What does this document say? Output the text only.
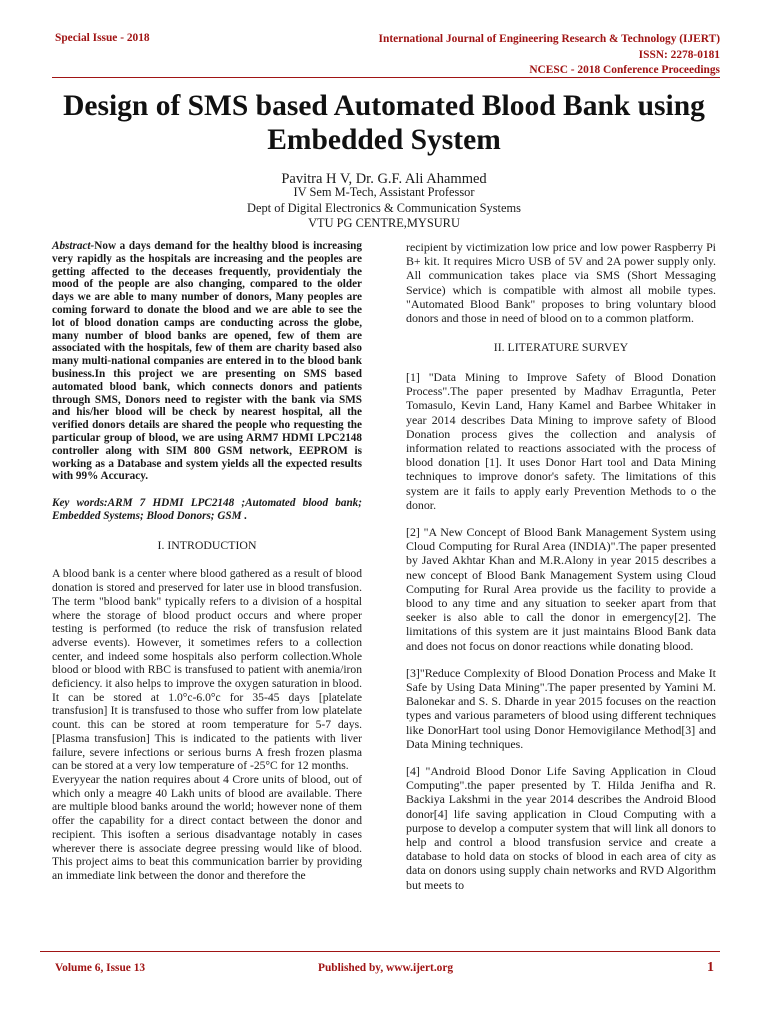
Special Issue - 2018	International Journal of Engineering Research & Technology (IJERT)
ISSN: 2278-0181
NCESC - 2018 Conference Proceedings
Design of SMS based Automated Blood Bank using Embedded System
Pavitra H V, Dr. G.F. Ali Ahammed
IV Sem M-Tech, Assistant Professor
Dept of Digital Electronics & Communication Systems
VTU PG CENTRE,MYSURU

Abstract-Now a days demand for the healthy blood is increasing very rapidly as the hospitals are increasing and the peoples are getting affected to the deceases frequently, providentialy the mood of the people are also changing, compared to the older days we are able to many number of donors, Many peoples are coming forward to donate the blood and we are able to see the lot of blood donation camps are conducting across the globe, many number of blood banks are opened, few of them are associated with the hospitals, few of them are charity based also many multi-national companies are entered in to the blood bank business.In this project we are presenting on SMS based automated blood bank, which connects donors and patients through SMS, Donors need to register with the bank via SMS and his/her blood will be check by nearest hospital, all the verified donors details are shared the people who requesting the particular group of blood, we are using ARM7 HDMI LPC2148 controller along with SIM 800 GSM network, EEPROM is working as a Database and system yields all the expected results with 99% Accuracy.

Key words:ARM 7 HDMI LPC2148 ;Automated blood bank; Embedded Systems; Blood Donors; GSM .

I. INTRODUCTION

A blood bank is a center where blood gathered as a result of blood donation is stored and preserved for later use in blood transfusion. The term "blood bank" typically refers to a division of a hospital where the storage of blood product occurs and where proper testing is performed (to reduce the risk of transfusion related adverse events). However, it sometimes refers to a collection center, and indeed some hospitals also perform collection.Whole blood or blood with RBC is transfused to patient with anemia/iron deficiency. it also helps to improve the oxygen saturation in blood. It can be stored at 1.0°c-6.0°c for 35-45 days [platelate transfusion] It is transfused to those who suffer from low platelate count. this can be stored at room temperature for 5-7 days. [Plasma transfusion] This is indicated to the patients with liver failure, severe infections or serious burns A fresh frozen plasma can be stored at a very low temperature of -25°C for 12 months.

Everyyear the nation requires about 4 Crore units of blood, out of which only a meagre 40 Lakh units of blood are available. There are multiple blood banks around the world; however none of them offer the capability for a direct contact between the donor and recipient. This isoften a serious disadvantage notably in cases wherever there is associate degree pressing would like of blood. This project aims to beat this communication barrier by providing an immediate link between the donor and therefore the

recipient by victimization low price and low power Raspberry Pi B+ kit. It requires Micro USB of 5V and 2A power supply only. All communication takes place via SMS (Short Messaging Service) which is compatible with almost all mobile types. "Automated Blood Bank" proposes to bring voluntary blood donors and those in need of blood on to a common platform.

II. LITERATURE SURVEY

[1] "Data Mining to Improve Safety of Blood Donation Process".The paper presented by Madhav Erraguntla, Peter Tomasulo, Kevin Land, Hany Kamel and Barbee Whitaker in year 2014 describes Data Mining to improve safety of Blood Donation process gives the collection and analysis of information related to reactions associated with the process of blood donation [1]. It uses Donor Hart tool and Data Mining techniques to improve donor's safety. The limitations of this system are it fails to apply early Prevention Methods to o the donor.

[2] "A New Concept of Blood Bank Management System using Cloud Computing for Rural Area (INDIA)".The paper presented by Javed Akhtar Khan and M.R.Alony in year 2015 describes a new concept of Blood Bank Management System using Cloud Computing for Rural Area provide us the facility to provide a blood to any time and any situation to seeker apart from that seeker is also able to call the donor in emergency[2]. The limitations of this system are it just maintains Blood Bank data and does not focus on donor reactions while donating blood.

[3]"Reduce Complexity of Blood Donation Process and Make It Safe by Using Data Mining".The paper presented by Yamini M. Balonekar and S. S. Dharde in year 2015 focuses on the reaction types and various parameters of blood using different techniques like DonorHart tool using Donor Hemovigilance Method[3] and Data Mining techniques.

[4] "Android Blood Donor Life Saving Application in Cloud Computing".the paper presented by T. Hilda Jenifha and R. Backiya Lakshmi in the year 2014 describes the Android Blood donor[4] life saving application in Cloud Computing with a purpose to develop a computer system that will link all donors to help and control a blood transfusion service and create a database to hold data on stocks of blood in each area of city as data on donors using supply chain networks and RVD Algorithm but meets to

Volume 6, Issue 13	Published by, www.ijert.org	1
